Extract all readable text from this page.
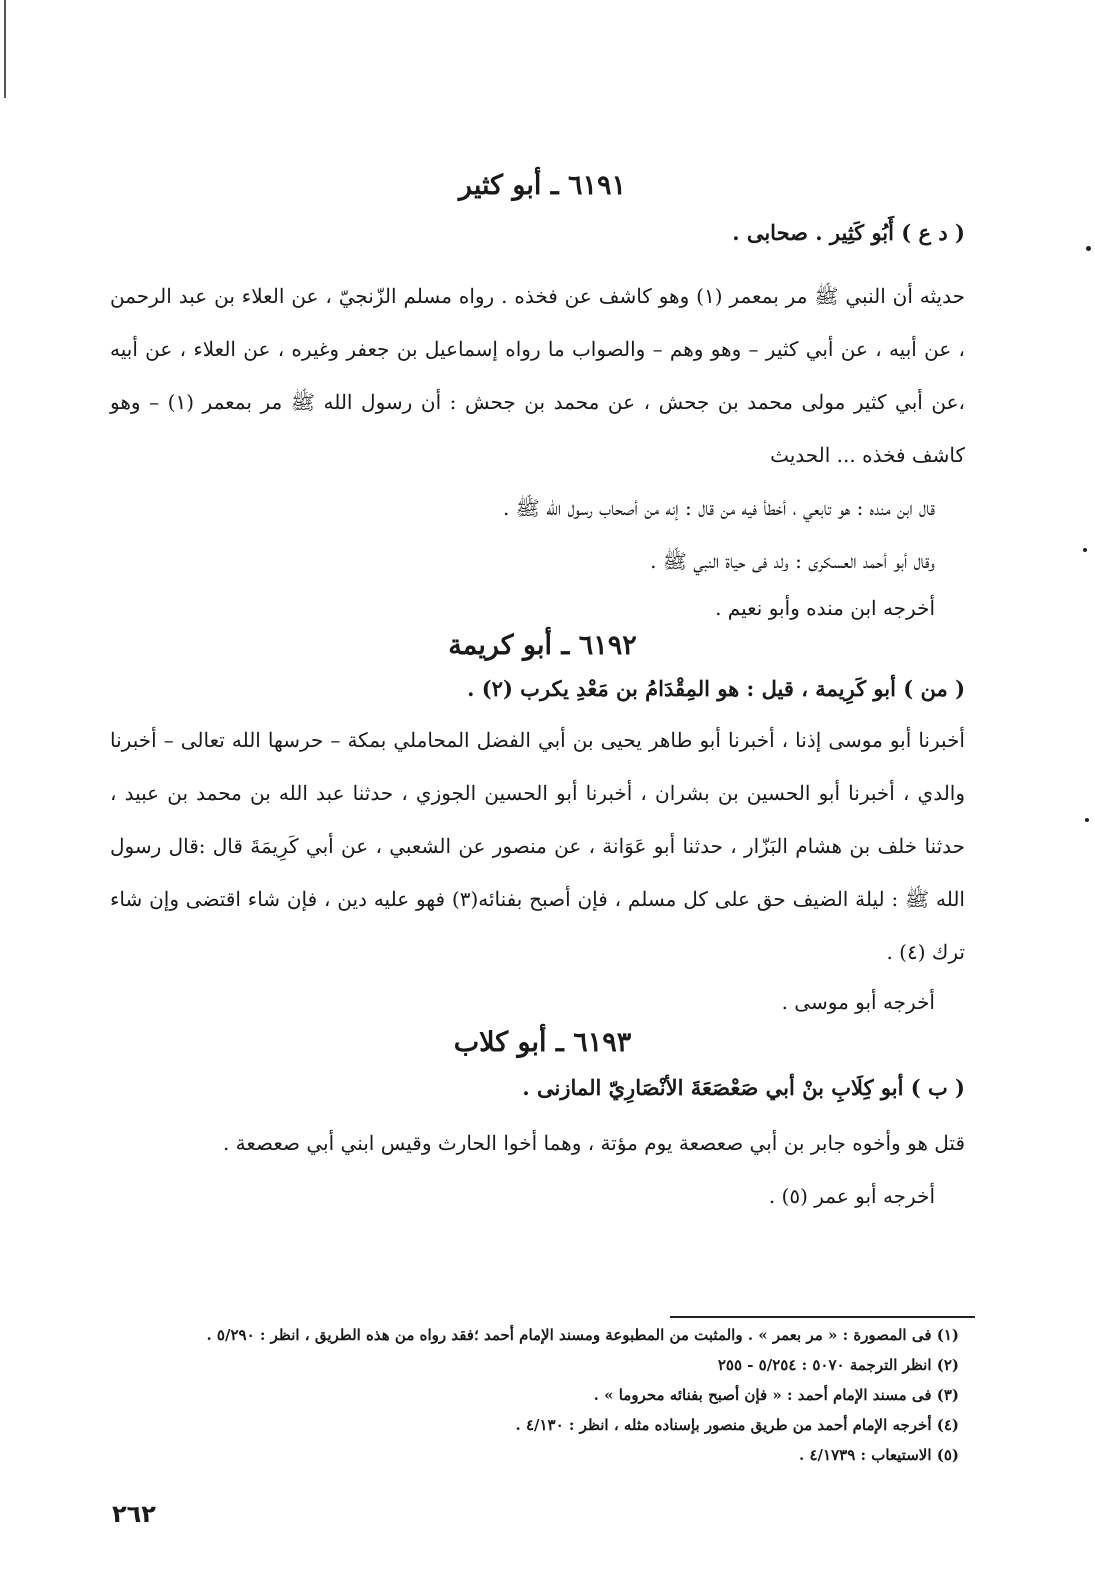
٦١٩١ ـ أبو كثير

( د ع ) أَبُو كَثِير . صحابى .

حديثه أن النبي ﷺ مر بمعمر (١) وهو كاشف عن فخذه . رواه مسلم الزّنجيّ ، عن العلاء بن عبد الرحمن ، عن أبيه ، عن أبي كثير – وهو وهم – والصواب ما رواه إسماعيل بن جعفر وغيره ، عن العلاء ، عن أبيه ،عن أبي كثير مولى محمد بن جحش ، عن محمد بن جحش : أن رسول الله ﷺ مر بمعمر (١) – وهو كاشف فخذه ... الحديث

قال ابن منده : هو تابعي ، أخطأ فيه من قال : إنه من أصحاب رسول الله ﷺ .

وقال أبو أحمد العسكرى : ولد فى حياة النبي ﷺ .

أخرجه ابن منده وأبو نعيم .

٦١٩٢ ـ أبو كريمة

( من ) أبو كَرِيمة ، قيل : هو المِقْدَامُ بن مَعْدِ يكرب (٢) .

أخبرنا أبو موسى إذنا ، أخبرنا أبو طاهر يحيى بن أبي الفضل المحاملي بمكة – حرسها الله تعالى – أخبرنا والدي ، أخبرنا أبو الحسين بن بشران ، أخبرنا أبو الحسين الجوزي ، حدثنا عبد الله بن محمد بن عبيد ، حدثنا خلف بن هشام البَزّار ، حدثنا أبو عَوَانة ، عن منصور عن الشعبي ، عن أبي كَرِيمَةَ قال :قال رسول الله ﷺ : ليلة الضيف حق على كل مسلم ، فإن أصبح بفنائه(٣) فهو عليه دين ، فإن شاء اقتضى وإن شاء ترك (٤) .

أخرجه أبو موسى .

٦١٩٣ ـ أبو كلاب

( ب ) أبو كِلَابِ بنْ أبي صَعْصَعَةَ الأنْصَارِيّ المازنى .

قتل هو وأخوه جابر بن أبي صعصعة يوم مؤتة ، وهما أخوا الحارث وقيس ابني أبي صعصعة .

أخرجه أبو عمر (٥) .

(١) فى المصورة : « مر بعمر » . والمثبت من المطبوعة ومسند الإمام أحمد ؛فقد رواه من هذه الطريق ، انظر : ٥/٢٩٠ .

(٢) انظر الترجمة ٥٠٧٠ : ٥/٢٥٤ - ٢٥٥

(٣) فى مسند الإمام أحمد : « فإن أصبح بفنائه محروما » .

(٤) أخرجه الإمام أحمد من طريق منصور بإسناده مثله ، انظر : ٤/١٣٠ .

(٥) الاستيعاب : ٤/١٧٣٩ .

٢٦٢
